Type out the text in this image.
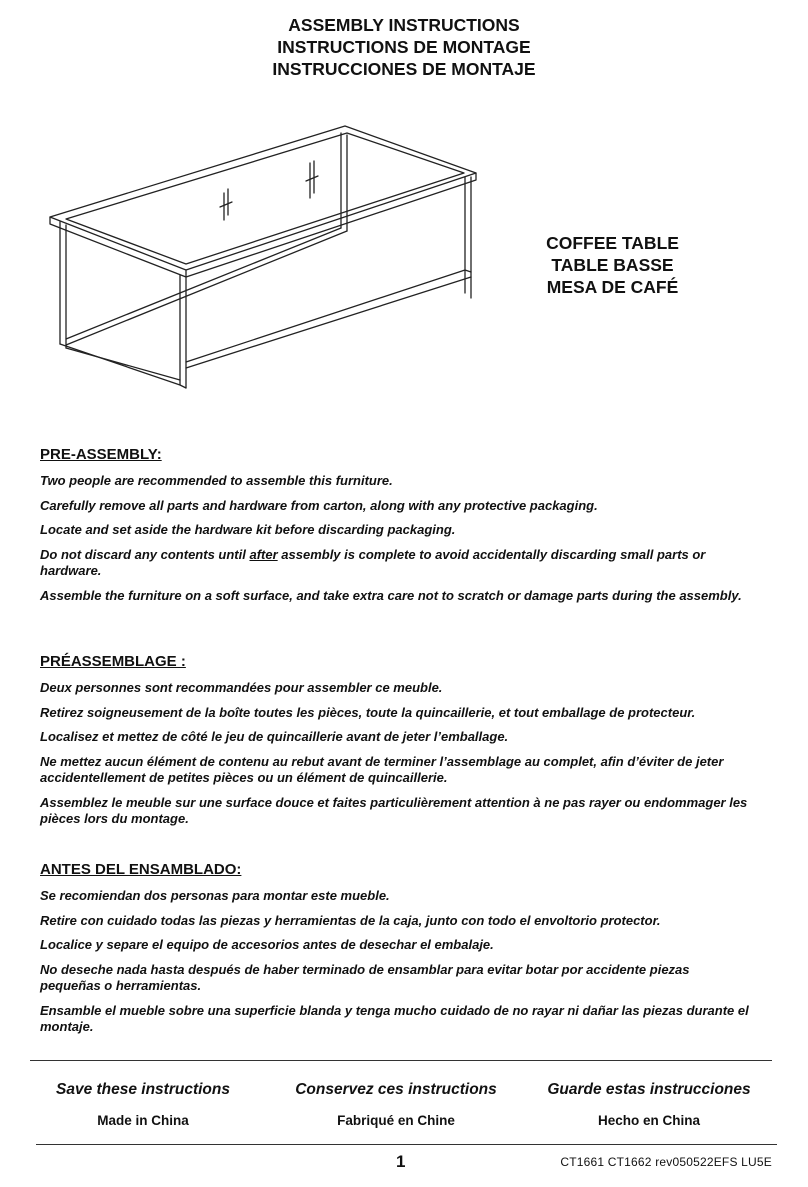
ASSEMBLY INSTRUCTIONS
INSTRUCTIONS DE MONTAGE
INSTRUCCIONES DE MONTAJE
COFFEE TABLE
TABLE BASSE
MESA DE CAFÉ
PRE-ASSEMBLY:

Two people are recommended to assemble this furniture.

Carefully remove all parts and hardware from carton, along with any protective packaging.

Locate and set aside the hardware kit before discarding packaging.

Do not discard any contents until after assembly is complete to avoid accidentally discarding small parts or hardware.

Assemble the furniture on a soft surface, and take extra care not to scratch or damage parts during the assembly.

PRÉASSEMBLAGE :

Deux personnes sont recommandées pour assembler ce meuble.

Retirez soigneusement de la boîte toutes les pièces, toute la quincaillerie, et tout emballage de protecteur.

Localisez et mettez de côté le jeu de quincaillerie avant de jeter l’emballage.

Ne mettez aucun élément de contenu au rebut avant de terminer l’assemblage au complet, afin d’éviter de jeter accidentellement de petites pièces ou un élément de quincaillerie.

Assemblez le meuble sur une surface douce et faites particulièrement attention à ne pas rayer ou endommager les pièces lors du montage.

ANTES DEL ENSAMBLADO:

Se recomiendan dos personas para montar este mueble.

Retire con cuidado todas las piezas y herramientas de la caja, junto con todo el envoltorio protector.

Localice y separe el equipo de accesorios antes de desechar el embalaje.

No deseche nada hasta después de haber terminado de ensamblar para evitar botar por accidente piezas pequeñas o herramientas.

Ensamble el mueble sobre una superficie blanda y tenga mucho cuidado de no rayar ni dañar las piezas durante el montaje.

Save these instructions
Made in China
Conservez ces instructions
Fabriqué en Chine
Guarde estas instrucciones
Hecho en China
1	CT1661 CT1662 rev050522EFS LU5E
